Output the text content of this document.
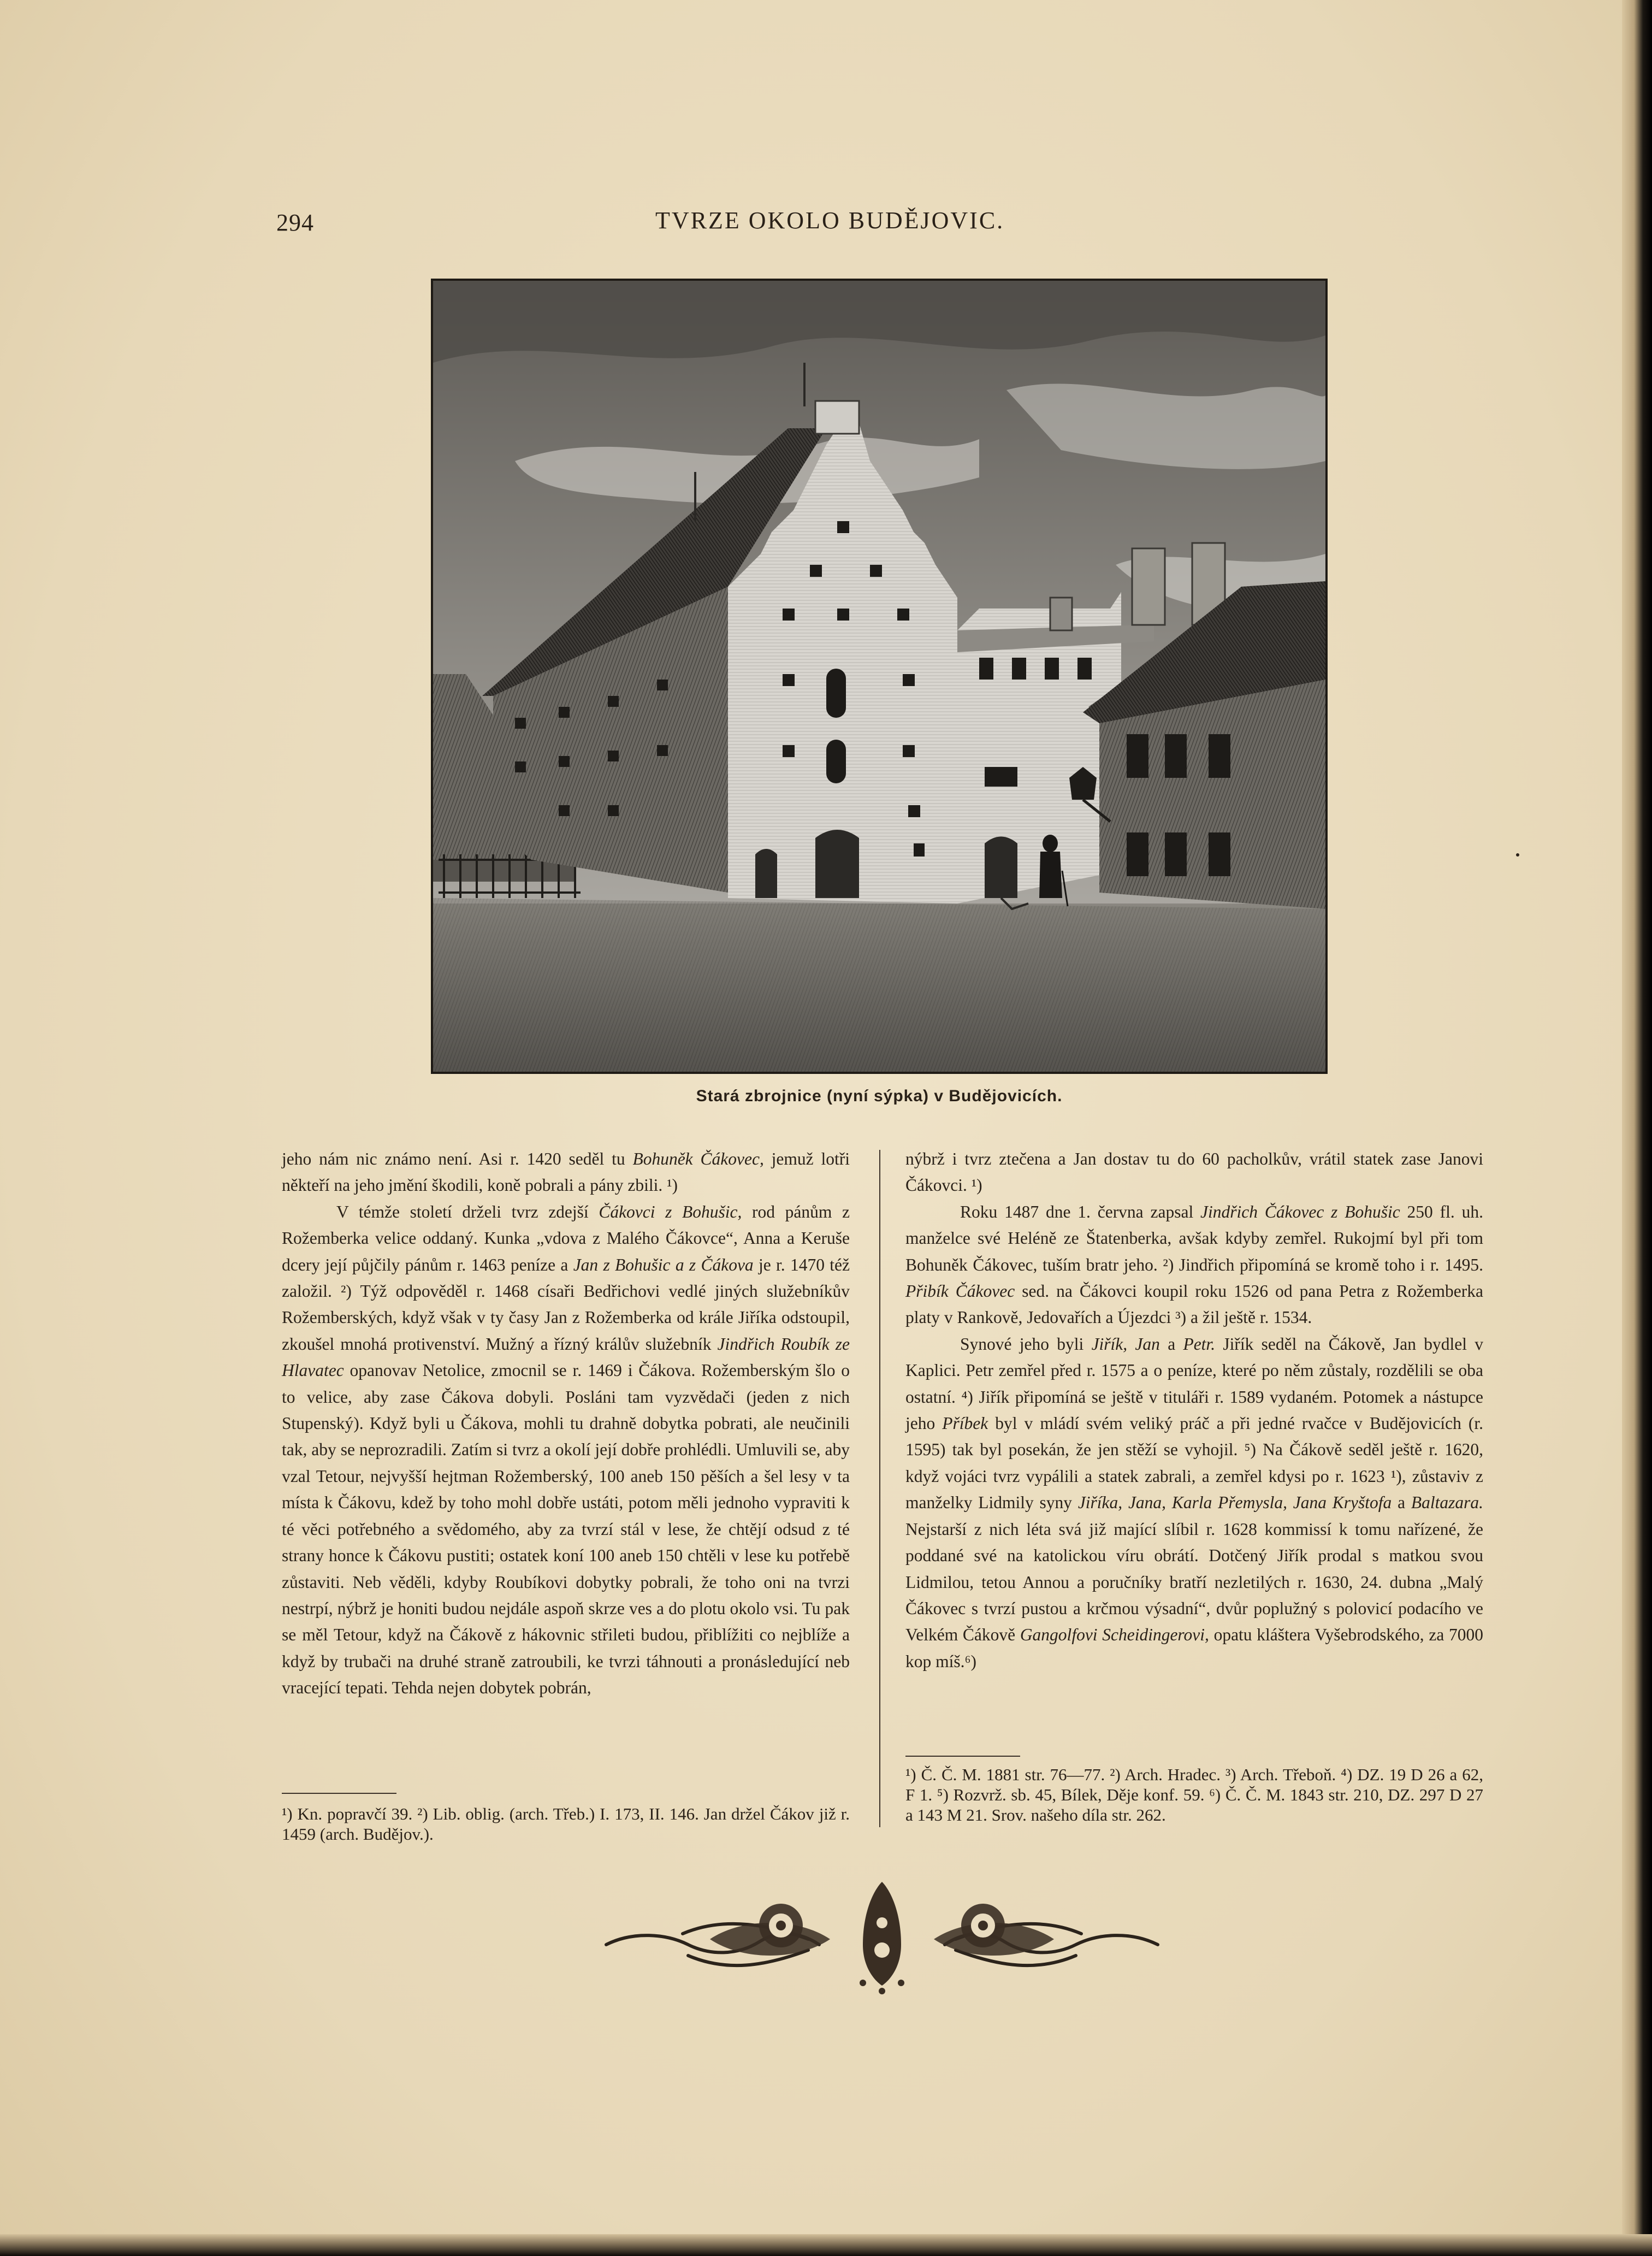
294	TVRZE OKOLO BUDĚJOVIC.
Stará zbrojnice (nyní sýpka) v Budějovicích.

jeho nám nic známo není. Asi r. 1420 seděl tu Bohuněk Čákovec, jemuž lotři někteří na jeho jmění škodili, koně pobrali a pány zbili. ¹)

V témže století drželi tvrz zdejší Čákovci z Bohušic, rod pánům z Rožemberka velice oddaný. Kunka „vdova z Malého Čákovce“, Anna a Keruše dcery její půjčily pánům r. 1463 peníze a Jan z Bohušic a z Čákova je r. 1470 též založil. ²) Týž odpověděl r. 1468 císaři Bedřichovi vedlé jiných služebníkův Rožemberských, když však v ty časy Jan z Rožemberka od krále Jiříka odstoupil, zkoušel mnohá protivenství. Mužný a řízný králův služebník Jindřich Roubík ze Hlavatec opanovav Netolice, zmocnil se r. 1469 i Čákova. Rožemberským šlo o to velice, aby zase Čákova dobyli. Posláni tam vyzvědači (jeden z nich Stupenský). Když byli u Čákova, mohli tu drahně dobytka pobrati, ale neučinili tak, aby se neprozradili. Zatím si tvrz a okolí její dobře prohlédli. Umluvili se, aby vzal Tetour, nejvyšší hejtman Rožemberský, 100 aneb 150 pěších a šel lesy v ta místa k Čákovu, kdež by toho mohl dobře ustáti, potom měli jednoho vypraviti k té věci potřebného a svědomého, aby za tvrzí stál v lese, že chtějí odsud z té strany honce k Čákovu pustiti; ostatek koní 100 aneb 150 chtěli v lese ku potřebě zůstaviti. Neb věděli, kdyby Roubíkovi dobytky pobrali, že toho oni na tvrzi nestrpí, nýbrž je honiti budou nejdále aspoň skrze ves a do plotu okolo vsi. Tu pak se měl Tetour, když na Čákově z hákovnic střileti budou, přiblížiti co nejblíže a když by trubači na druhé straně zatroubili, ke tvrzi táhnouti a pronásledující neb vracející tepati. Tehda nejen dobytek pobrán,

nýbrž i tvrz ztečena a Jan dostav tu do 60 pacholkův, vrátil statek zase Janovi Čákovci. ¹)

Roku 1487 dne 1. června zapsal Jindřich Čákovec z Bohušic 250 fl. uh. manželce své Heléně ze Štatenberka, avšak kdyby zemřel. Rukojmí byl při tom Bohuněk Čákovec, tuším bratr jeho. ²) Jindřich připomíná se kromě toho i r. 1495. Přibík Čákovec sed. na Čákovci koupil roku 1526 od pana Petra z Rožemberka platy v Rankově, Jedovařích a Újezdci ³) a žil ještě r. 1534.

Synové jeho byli Jiřík, Jan a Petr. Jiřík seděl na Čákově, Jan bydlel v Kaplici. Petr zemřel před r. 1575 a o peníze, které po něm zůstaly, rozdělili se oba ostatní. ⁴) Jiřík připomíná se ještě v tituláři r. 1589 vydaném. Potomek a nástupce jeho Příbek byl v mládí svém veliký práč a při jedné rvačce v Budějovicích (r. 1595) tak byl posekán, že jen stěží se vyhojil. ⁵) Na Čákově seděl ještě r. 1620, když vojáci tvrz vypálili a statek zabrali, a zemřel kdysi po r. 1623 ¹), zůstaviv z manželky Lidmily syny Jiříka, Jana, Karla Přemysla, Jana Kryštofa a Baltazara. Nejstarší z nich léta svá již mající slíbil r. 1628 kommissí k tomu nařízené, že poddané své na katolickou víru obrátí. Dotčený Jiřík prodal s matkou svou Lidmilou, tetou Annou a poručníky bratří nezletilých r. 1630, 24. dubna „Malý Čákovec s tvrzí pustou a krčmou výsadní“, dvůr poplužný s polovicí podacího ve Velkém Čákově Gangolfovi Scheidingerovi, opatu kláštera Vyšebrodského, za 7000 kop míš.⁶)

¹) Kn. popravčí 39. ²) Lib. oblig. (arch. Třeb.) I. 173, II. 146. Jan držel Čákov již r. 1459 (arch. Budějov.).
¹) Č. Č. M. 1881 str. 76—77. ²) Arch. Hradec. ³) Arch. Třeboň. ⁴) DZ. 19 D 26 a 62, F 1. ⁵) Rozvrž. sb. 45, Bílek, Děje konf. 59. ⁶) Č. Č. M. 1843 str. 210, DZ. 297 D 27 a 143 M 21. Srov. našeho díla str. 262.
